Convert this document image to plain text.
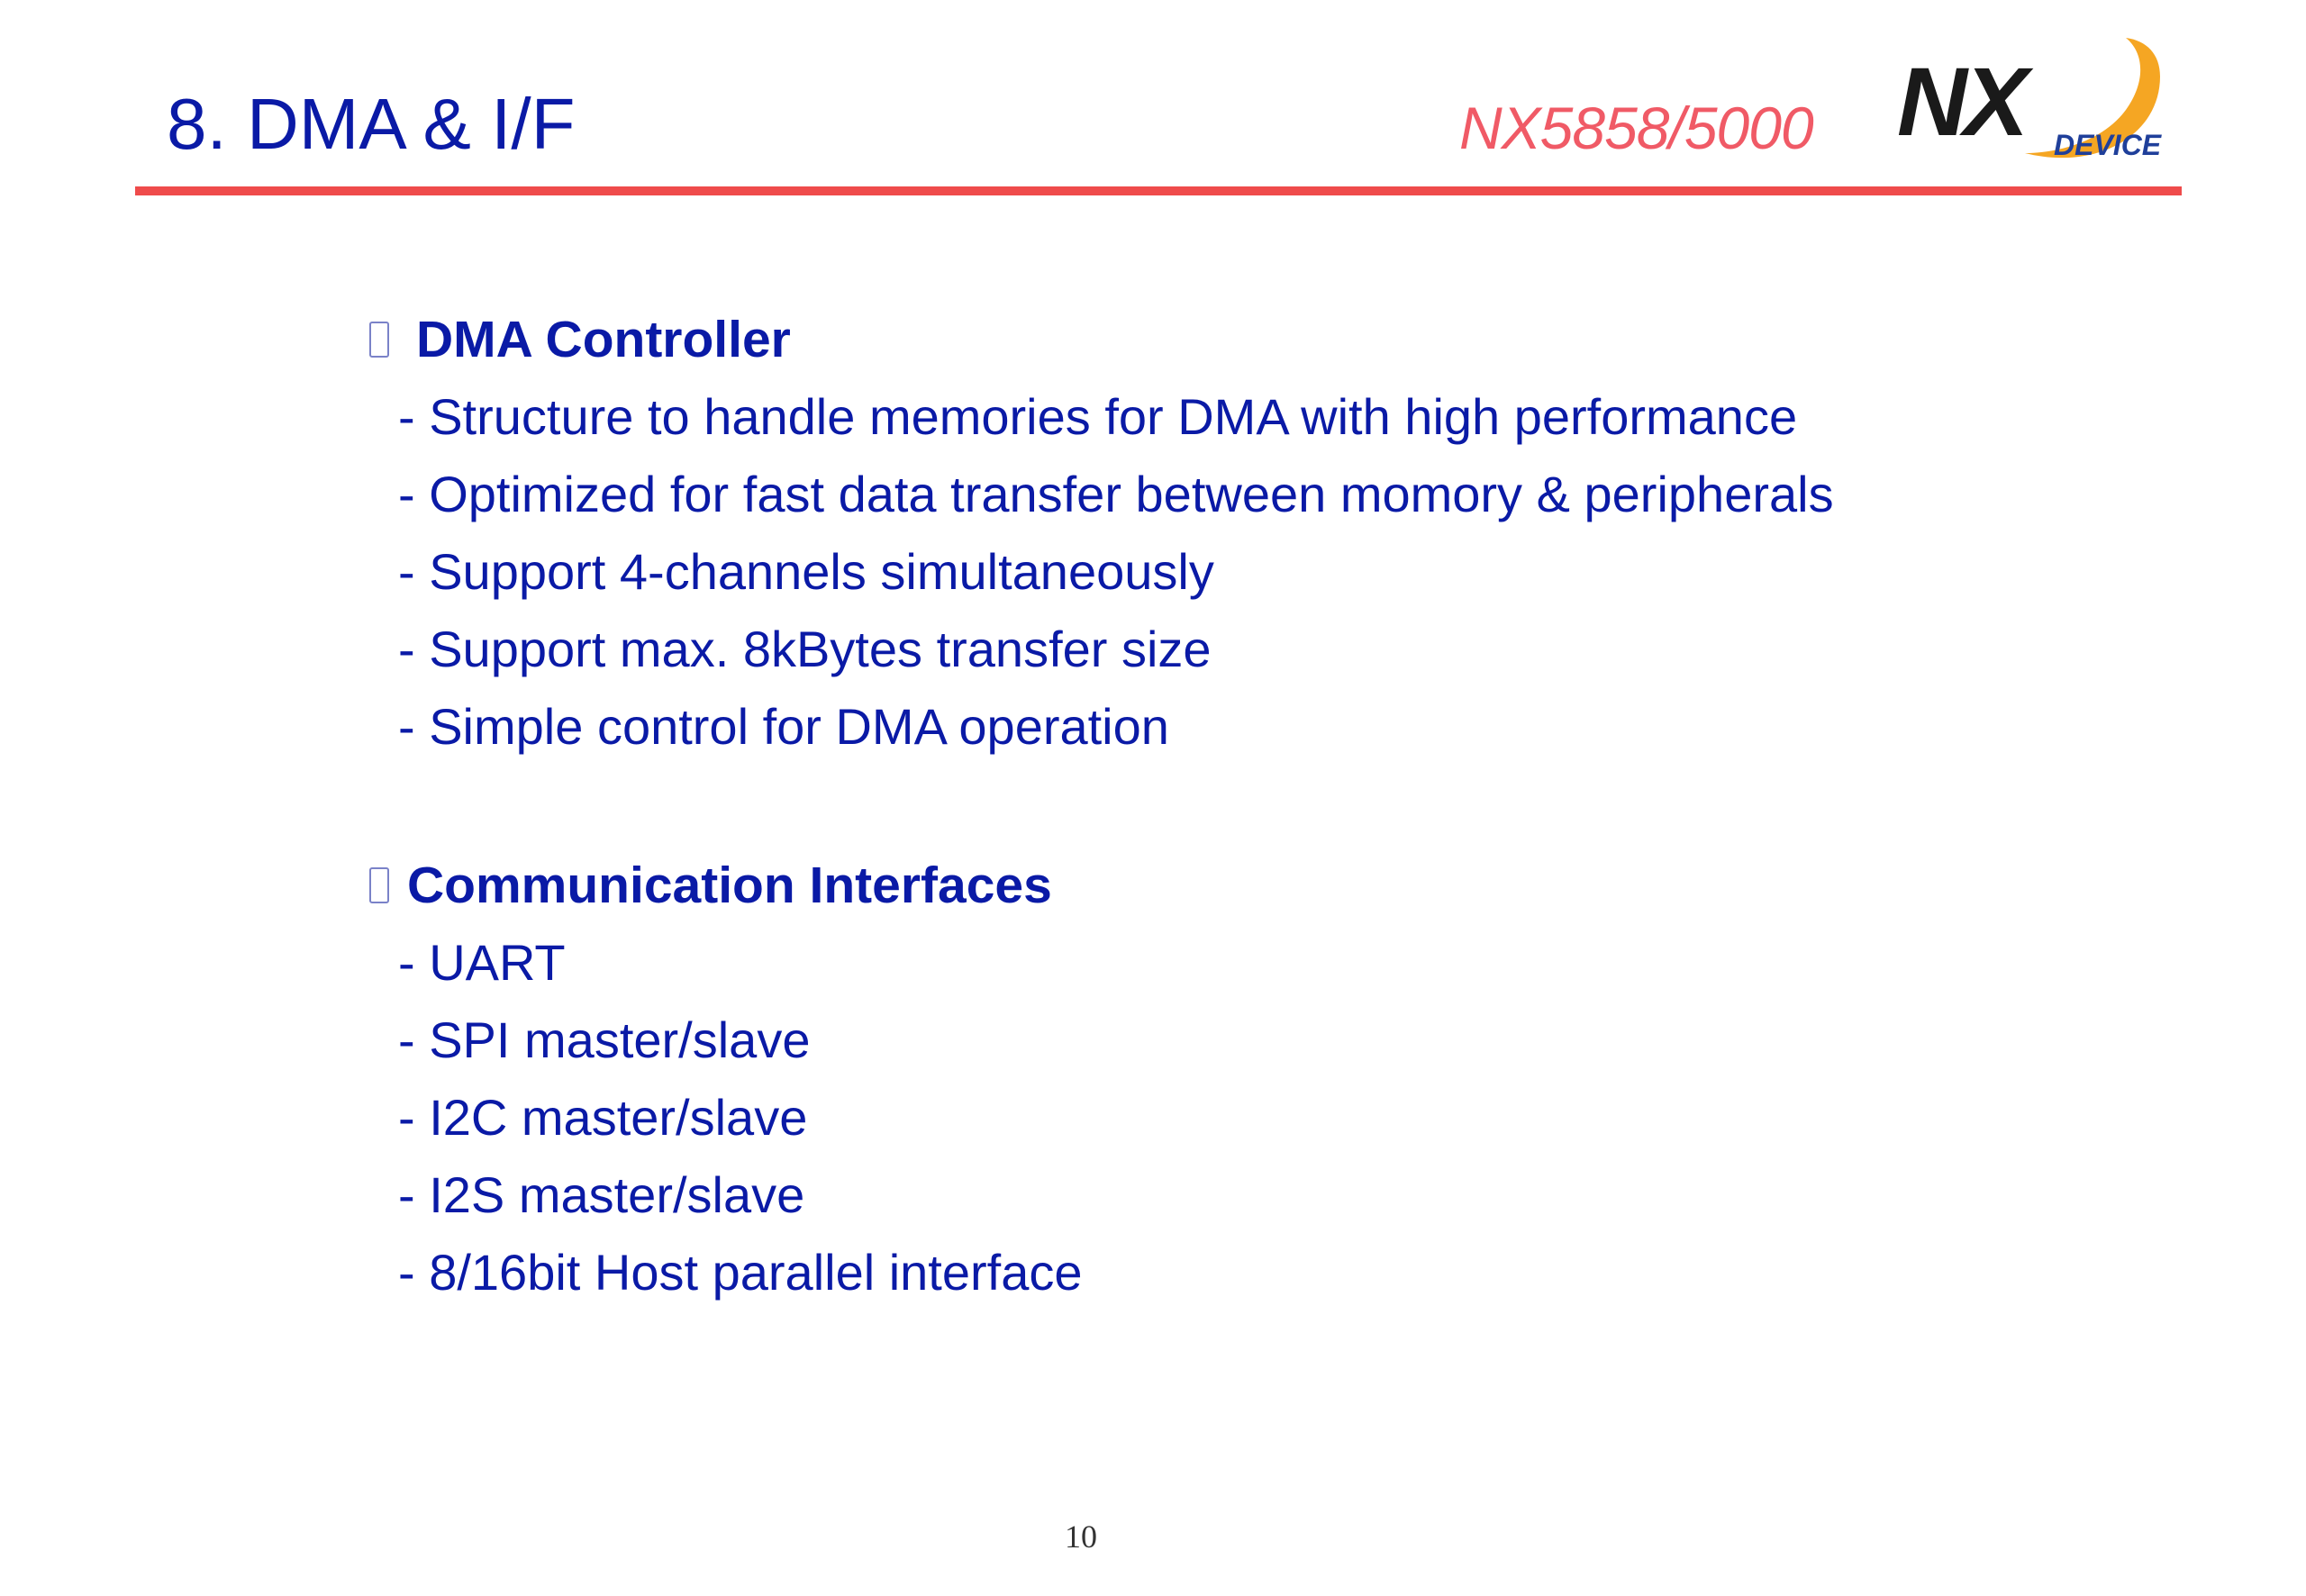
8. DMA & I/F	NX5858/5000 NX DEVICE
DMA Controller
- Structure to handle memories for DMA with high performance
- Optimized for fast data transfer between momory & peripherals
- Support 4-channels simultaneously
- Support max. 8kBytes transfer size
- Simple control for DMA operation
Communication Interfaces
- UART
- SPI master/slave
- I2C master/slave
- I2S master/slave
- 8/16bit Host parallel interface
10
